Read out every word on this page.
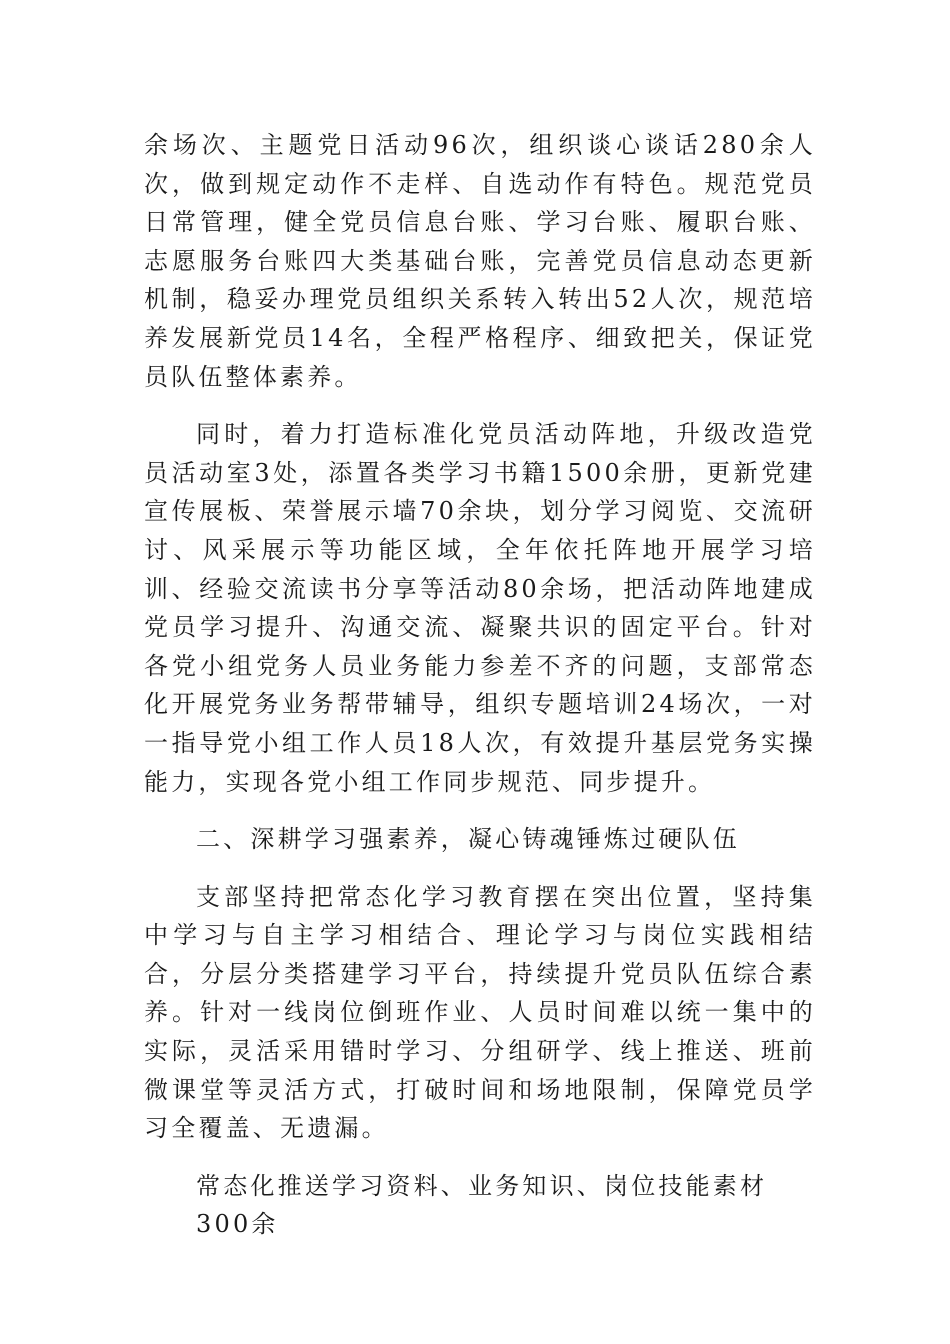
余场次、主题党日活动96次，组织谈心谈话280余人次，做到规定动作不走样、自选动作有特色。规范党员日常管理，健全党员信息台账、学习台账、履职台账、志愿服务台账四大类基础台账，完善党员信息动态更新机制，稳妥办理党员组织关系转入转出52人次，规范培养发展新党员14名，全程严格程序、细致把关，保证党员队伍整体素养。

同时，着力打造标准化党员活动阵地，升级改造党员活动室3处，添置各类学习书籍1500余册，更新党建宣传展板、荣誉展示墙70余块，划分学习阅览、交流研讨、风采展示等功能区域，全年依托阵地开展学习培训、经验交流读书分享等活动80余场，把活动阵地建成党员学习提升、沟通交流、凝聚共识的固定平台。针对各党小组党务人员业务能力参差不齐的问题，支部常态化开展党务业务帮带辅导，组织专题培训24场次，一对一指导党小组工作人员18人次，有效提升基层党务实操能力，实现各党小组工作同步规范、同步提升。

二、深耕学习强素养，凝心铸魂锤炼过硬队伍

支部坚持把常态化学习教育摆在突出位置，坚持集中学习与自主学习相结合、理论学习与岗位实践相结合，分层分类搭建学习平台，持续提升党员队伍综合素养。针对一线岗位倒班作业、人员时间难以统一集中的实际，灵活采用错时学习、分组研学、线上推送、班前微课堂等灵活方式，打破时间和场地限制，保障党员学习全覆盖、无遗漏。

常态化推送学习资料、业务知识、岗位技能素材
300余
